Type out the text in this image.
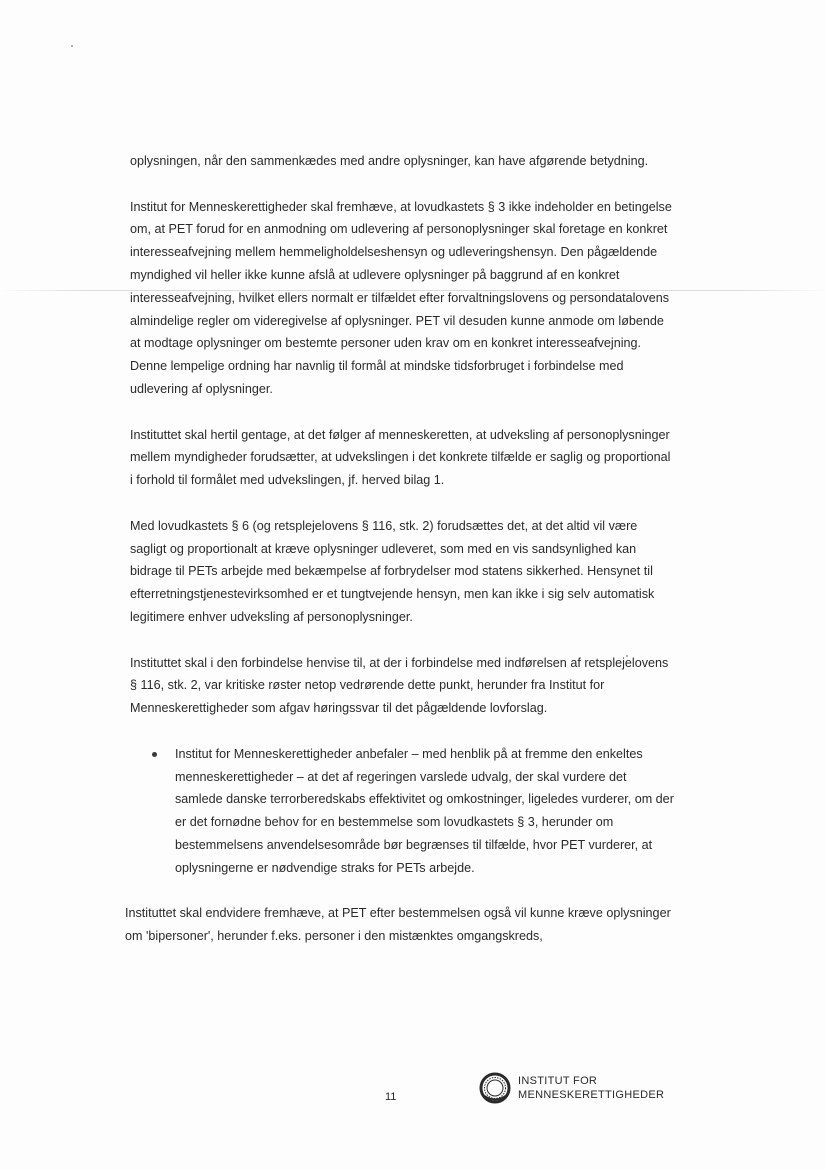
oplysningen, når den sammenkædes med andre oplysninger, kan have afgørende betydning.

Institut for Menneskerettigheder skal fremhæve, at lovudkastets § 3 ikke indeholder en betingelse om, at PET forud for en anmodning om udlevering af personoplysninger skal foretage en konkret interesseafvejning mellem hemmeligholdelseshensyn og udleveringshensyn. Den pågældende myndighed vil heller ikke kunne afslå at udlevere oplysninger på baggrund af en konkret interesseafvejning, hvilket ellers normalt er tilfældet efter forvaltningslovens og persondatalovens almindelige regler om videregivelse af oplysninger. PET vil desuden kunne anmode om løbende at modtage oplysninger om bestemte personer uden krav om en konkret interesseafvejning. Denne lempelige ordning har navnlig til formål at mindske tidsforbruget i forbindelse med udlevering af oplysninger.

Instituttet skal hertil gentage, at det følger af menneskeretten, at udveksling af personoplysninger mellem myndigheder forudsætter, at udvekslingen i det konkrete tilfælde er saglig og proportional i forhold til formålet med udvekslingen, jf. herved bilag 1.

Med lovudkastets § 6 (og retsplejelovens § 116, stk. 2) forudsættes det, at det altid vil være sagligt og proportionalt at kræve oplysninger udleveret, som med en vis sandsynlighed kan bidrage til PETs arbejde med bekæmpelse af forbrydelser mod statens sikkerhed. Hensynet til efterretningstjenestevirksomhed er et tungtvejende hensyn, men kan ikke i sig selv automatisk legitimere enhver udveksling af personoplysninger.

Instituttet skal i den forbindelse henvise til, at der i forbindelse med indførelsen af retsplejelovens § 116, stk. 2, var kritiske røster netop vedrørende dette punkt, herunder fra Institut for Menneskerettigheder som afgav høringssvar til det pågældende lovforslag.

Institut for Menneskerettigheder anbefaler – med henblik på at fremme den enkeltes menneskerettigheder – at det af regeringen varslede udvalg, der skal vurdere det samlede danske terrorberedskabs effektivitet og omkostninger, ligeledes vurderer, om der er det fornødne behov for en bestemmelse som lovudkastets § 3, herunder om bestemmelsens anvendelsesområde bør begrænses til tilfælde, hvor PET vurderer, at oplysningerne er nødvendige straks for PETs arbejde.

Instituttet skal endvidere fremhæve, at PET efter bestemmelsen også vil kunne kræve oplysninger om 'bipersoner', herunder f.eks. personer i den mistænktes omgangskreds,

11
INSTITUT FOR
MENNESKERETTIGHEDER
